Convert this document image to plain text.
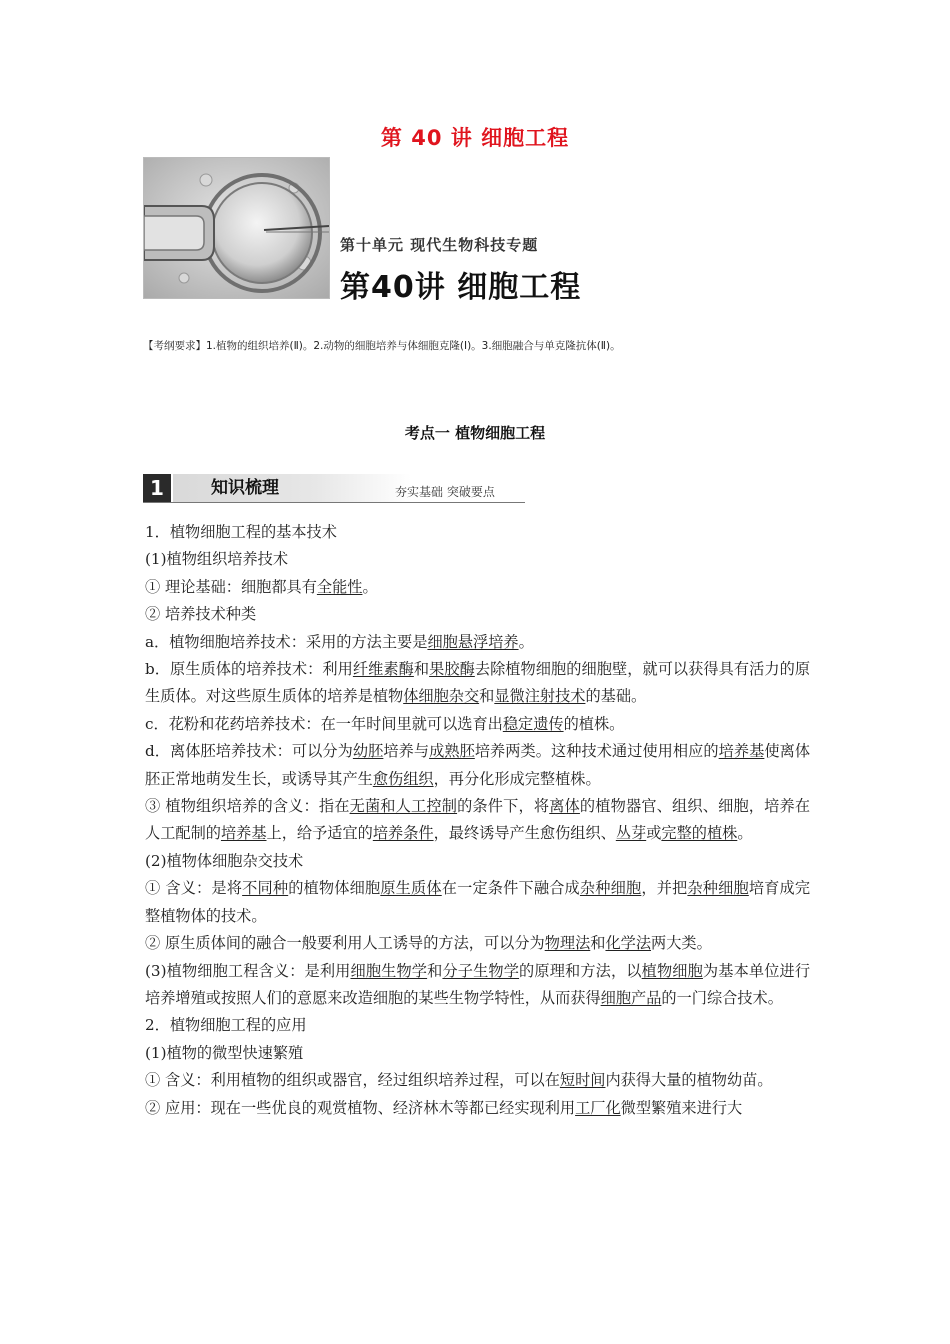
第 40 讲 细胞工程
第十单元 现代生物科技专题
第40讲 细胞工程
【考纲要求】1.植物的组织培养(Ⅱ)。2.动物的细胞培养与体细胞克隆(Ⅰ)。3.细胞融合与单克隆抗体(Ⅱ)。
考点一 植物细胞工程
1	知识梳理	夯实基础 突破要点

1．植物细胞工程的基本技术

(1)植物组织培养技术

① 理论基础：细胞都具有全能性。

② 培养技术种类

a．植物细胞培养技术：采用的方法主要是细胞悬浮培养。

b．原生质体的培养技术：利用纤维素酶和果胶酶去除植物细胞的细胞壁，就可以获得具有活力的原生质体。对这些原生质体的培养是植物体细胞杂交和显微注射技术的基础。

c．花粉和花药培养技术：在一年时间里就可以选育出稳定遗传的植株。

d．离体胚培养技术：可以分为幼胚培养与成熟胚培养两类。这种技术通过使用相应的培养基使离体胚正常地萌发生长，或诱导其产生愈伤组织，再分化形成完整植株。

③ 植物组织培养的含义：指在无菌和人工控制的条件下，将离体的植物器官、组织、细胞，培养在人工配制的培养基上，给予适宜的培养条件，最终诱导产生愈伤组织、丛芽或完整的植株。

(2)植物体细胞杂交技术

① 含义：是将不同种的植物体细胞原生质体在一定条件下融合成杂种细胞，并把杂种细胞培育成完整植物体的技术。

② 原生质体间的融合一般要利用人工诱导的方法，可以分为物理法和化学法两大类。

(3)植物细胞工程含义：是利用细胞生物学和分子生物学的原理和方法，以植物细胞为基本单位进行培养增殖或按照人们的意愿来改造细胞的某些生物学特性，从而获得细胞产品的一门综合技术。

2．植物细胞工程的应用

(1)植物的微型快速繁殖

① 含义：利用植物的组织或器官，经过组织培养过程，可以在短时间内获得大量的植物幼苗。

② 应用：现在一些优良的观赏植物、经济林木等都已经实现利用工厂化微型繁殖来进行大
